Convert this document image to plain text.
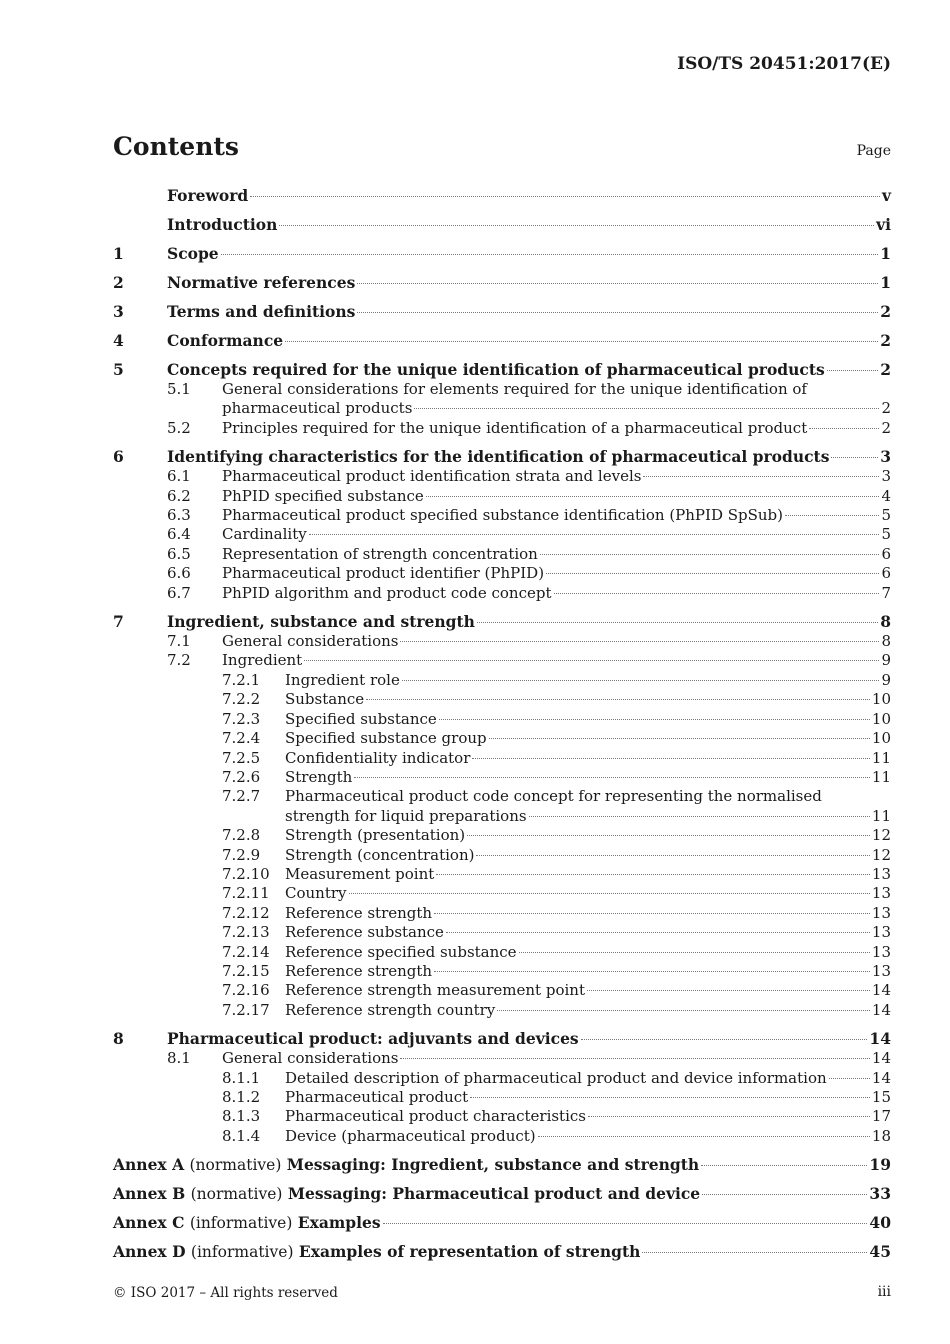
ISO/TS 20451:2017(E)
Contents	Page
Foreword	v
Introduction	vi
1	Scope	1
2	Normative references	1
3	Terms and definitions	2
4	Conformance	2
5	Concepts required for the unique identification of pharmaceutical products	2
5.1	General considerations for elements required for the unique identification of
pharmaceutical products	2
5.2	Principles required for the unique identification of a pharmaceutical product	2
6	Identifying characteristics for the identification of pharmaceutical products	3
6.1	Pharmaceutical product identification strata and levels	3
6.2	PhPID specified substance	4
6.3	Pharmaceutical product specified substance identification (PhPID SpSub)	5
6.4	Cardinality	5
6.5	Representation of strength concentration	6
6.6	Pharmaceutical product identifier (PhPID)	6
6.7	PhPID algorithm and product code concept	7
7	Ingredient, substance and strength	8
7.1	General considerations	8
7.2	Ingredient	9
7.2.1	Ingredient role	9
7.2.2	Substance	10
7.2.3	Specified substance	10
7.2.4	Specified substance group	10
7.2.5	Confidentiality indicator	11
7.2.6	Strength	11
7.2.7	Pharmaceutical product code concept for representing the normalised
strength for liquid preparations	11
7.2.8	Strength (presentation)	12
7.2.9	Strength (concentration)	12
7.2.10	Measurement point	13
7.2.11	Country	13
7.2.12	Reference strength	13
7.2.13	Reference substance	13
7.2.14	Reference specified substance	13
7.2.15	Reference strength	13
7.2.16	Reference strength measurement point	14
7.2.17	Reference strength country	14
8	Pharmaceutical product: adjuvants and devices	14
8.1	General considerations	14
8.1.1	Detailed description of pharmaceutical product and device information	14
8.1.2	Pharmaceutical product	15
8.1.3	Pharmaceutical product characteristics	17
8.1.4	Device (pharmaceutical product)	18
Annex A (normative) Messaging: Ingredient, substance and strength	19
Annex B (normative) Messaging: Pharmaceutical product and device	33
Annex C (informative) Examples	40
Annex D (informative) Examples of representation of strength	45
© ISO 2017 – All rights reserved	iii
